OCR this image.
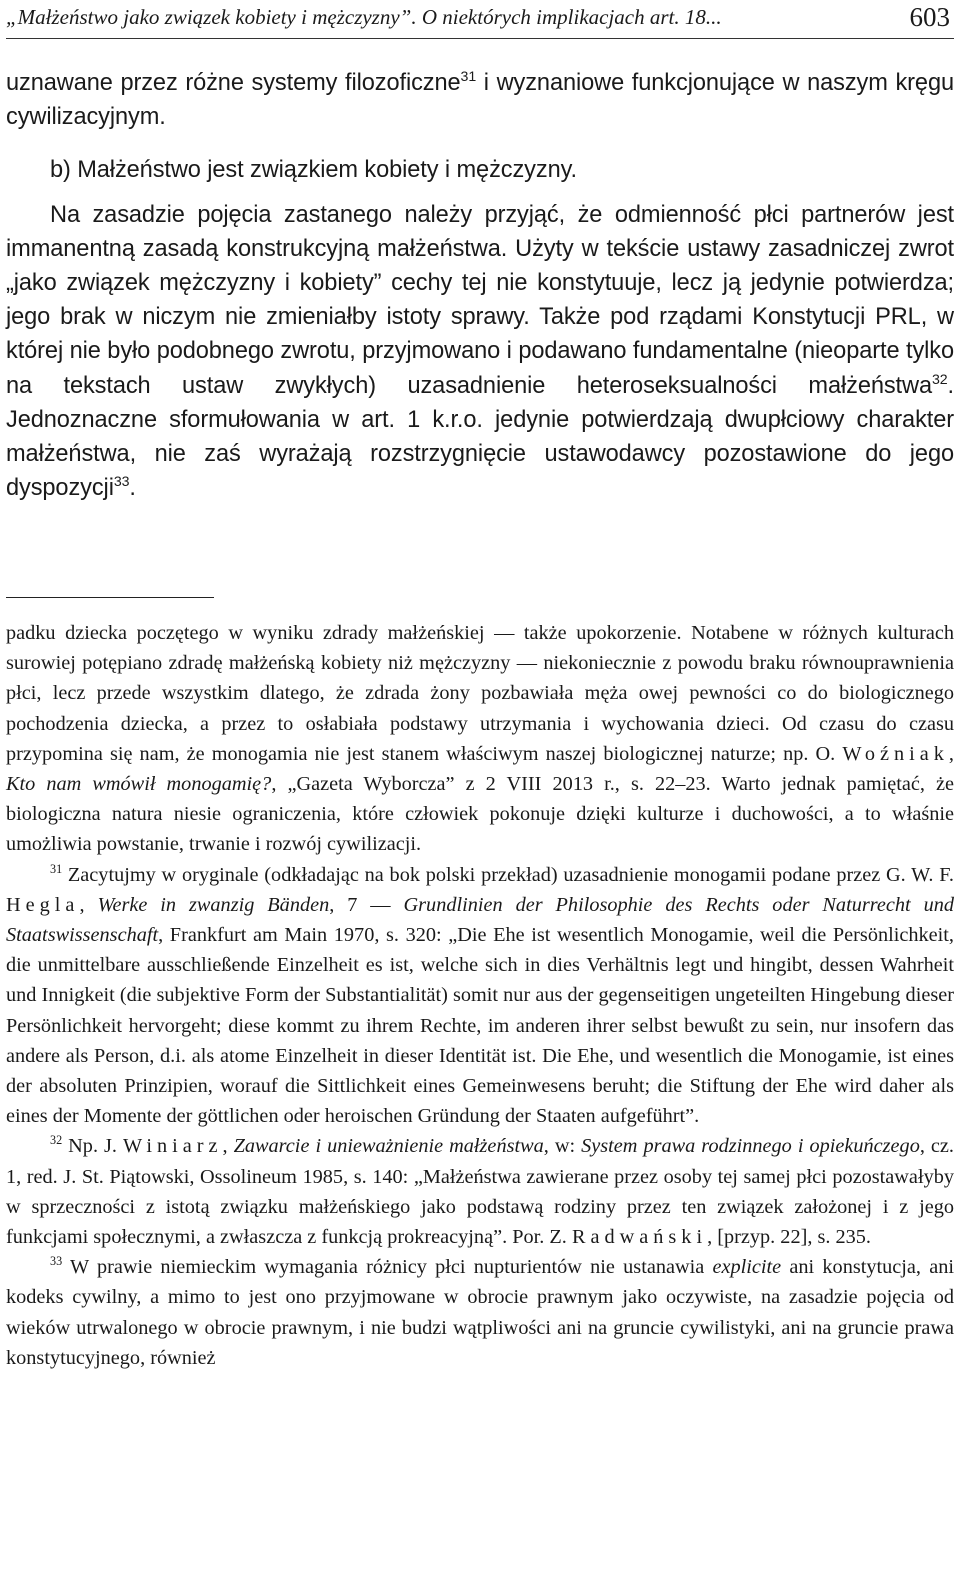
„Małżeństwo jako związek kobiety i mężczyzny”. O niektórych implikacjach art. 18...	603

uznawane przez różne systemy filozoficzne$^{31}$ i wyznaniowe funkcjonujące w naszym kręgu cywilizacyjnym.

b) Małżeństwo jest związkiem kobiety i mężczyzny.

Na zasadzie pojęcia zastanego należy przyjąć, że odmienność płci partnerów jest immanentną zasadą konstrukcyjną małżeństwa. Użyty w tekście ustawy zasadniczej zwrot „jako związek mężczyzny i kobiety” cechy tej nie konstytuuje, lecz ją jedynie potwierdza; jego brak w niczym nie zmieniałby istoty sprawy. Także pod rządami Konstytucji PRL, w której nie było podobnego zwrotu, przyjmowano i podawano fundamentalne (nieoparte tylko na tekstach ustaw zwykłych) uzasadnienie heteroseksualności małżeństwa$^{32}$. Jednoznaczne sformułowania w art. 1 k.r.o. jedynie potwierdzają dwupłciowy charakter małżeństwa, nie zaś wyrażają rozstrzygnięcie ustawodawcy pozostawione do jego dyspozycji$^{33}$.

padku dziecka poczętego w wyniku zdrady małżeńskiej — także upokorzenie. Notabene w różnych kulturach surowiej potępiano zdradę małżeńską kobiety niż mężczyzny — niekoniecznie z powodu braku równouprawnienia płci, lecz przede wszystkim dlatego, że zdrada żony pozbawiała męża owej pewności co do biologicznego pochodzenia dziecka, a przez to osłabiała podstawy utrzymania i wychowania dzieci. Od czasu do czasu przypomina się nam, że monogamia nie jest stanem właściwym naszej biologicznej naturze; np. O. Woźniak, Kto nam wmówił monogamię?, „Gazeta Wyborcza” z 2 VIII 2013 r., s. 22–23. Warto jednak pamiętać, że biologiczna natura niesie ograniczenia, które człowiek pokonuje dzięki kulturze i duchowości, a to właśnie umożliwia powstanie, trwanie i rozwój cywilizacji.

$^{31}$ Zacytujmy w oryginale (odkładając na bok polski przekład) uzasadnienie monogamii podane przez G. W. F. Hegla, Werke in zwanzig Bänden, 7 — Grundlinien der Philosophie des Rechts oder Naturrecht und Staatswissenschaft, Frankfurt am Main 1970, s. 320: „Die Ehe ist wesentlich Monogamie, weil die Persönlichkeit, die unmittelbare ausschließende Einzelheit es ist, welche sich in dies Verhältnis legt und hingibt, dessen Wahrheit und Innigkeit (die subjektive Form der Substantialität) somit nur aus der gegenseitigen ungeteilten Hingebung dieser Persönlichkeit hervorgeht; diese kommt zu ihrem Rechte, im anderen ihrer selbst bewußt zu sein, nur insofern das andere als Person, d.i. als atome Einzelheit in dieser Identität ist. Die Ehe, und wesentlich die Monogamie, ist eines der absoluten Prinzipien, worauf die Sittlichkeit eines Gemeinwesens beruht; die Stiftung der Ehe wird daher als eines der Momente der göttlichen oder heroischen Gründung der Staaten aufgeführt”.

$^{32}$ Np. J. Winiarz, Zawarcie i unieważnienie małżeństwa, w: System prawa rodzinnego i opiekuńczego, cz. 1, red. J. St. Piątowski, Ossolineum 1985, s. 140: „Małżeństwa zawierane przez osoby tej samej płci pozostawałyby w sprzeczności z istotą związku małżeńskiego jako podstawą rodziny przez ten związek założonej i z jego funkcjami społecznymi, a zwłaszcza z funkcją prokreacyjną”. Por. Z. Radwański, [przyp. 22], s. 235.

$^{33}$ W prawie niemieckim wymagania różnicy płci nupturientów nie ustanawia explicite ani konstytucja, ani kodeks cywilny, a mimo to jest ono przyjmowane w obrocie prawnym jako oczywiste, na zasadzie pojęcia od wieków utrwalonego w obrocie prawnym, i nie budzi wątpliwości ani na gruncie cywilistyki, ani na gruncie prawa konstytucyjnego, również
